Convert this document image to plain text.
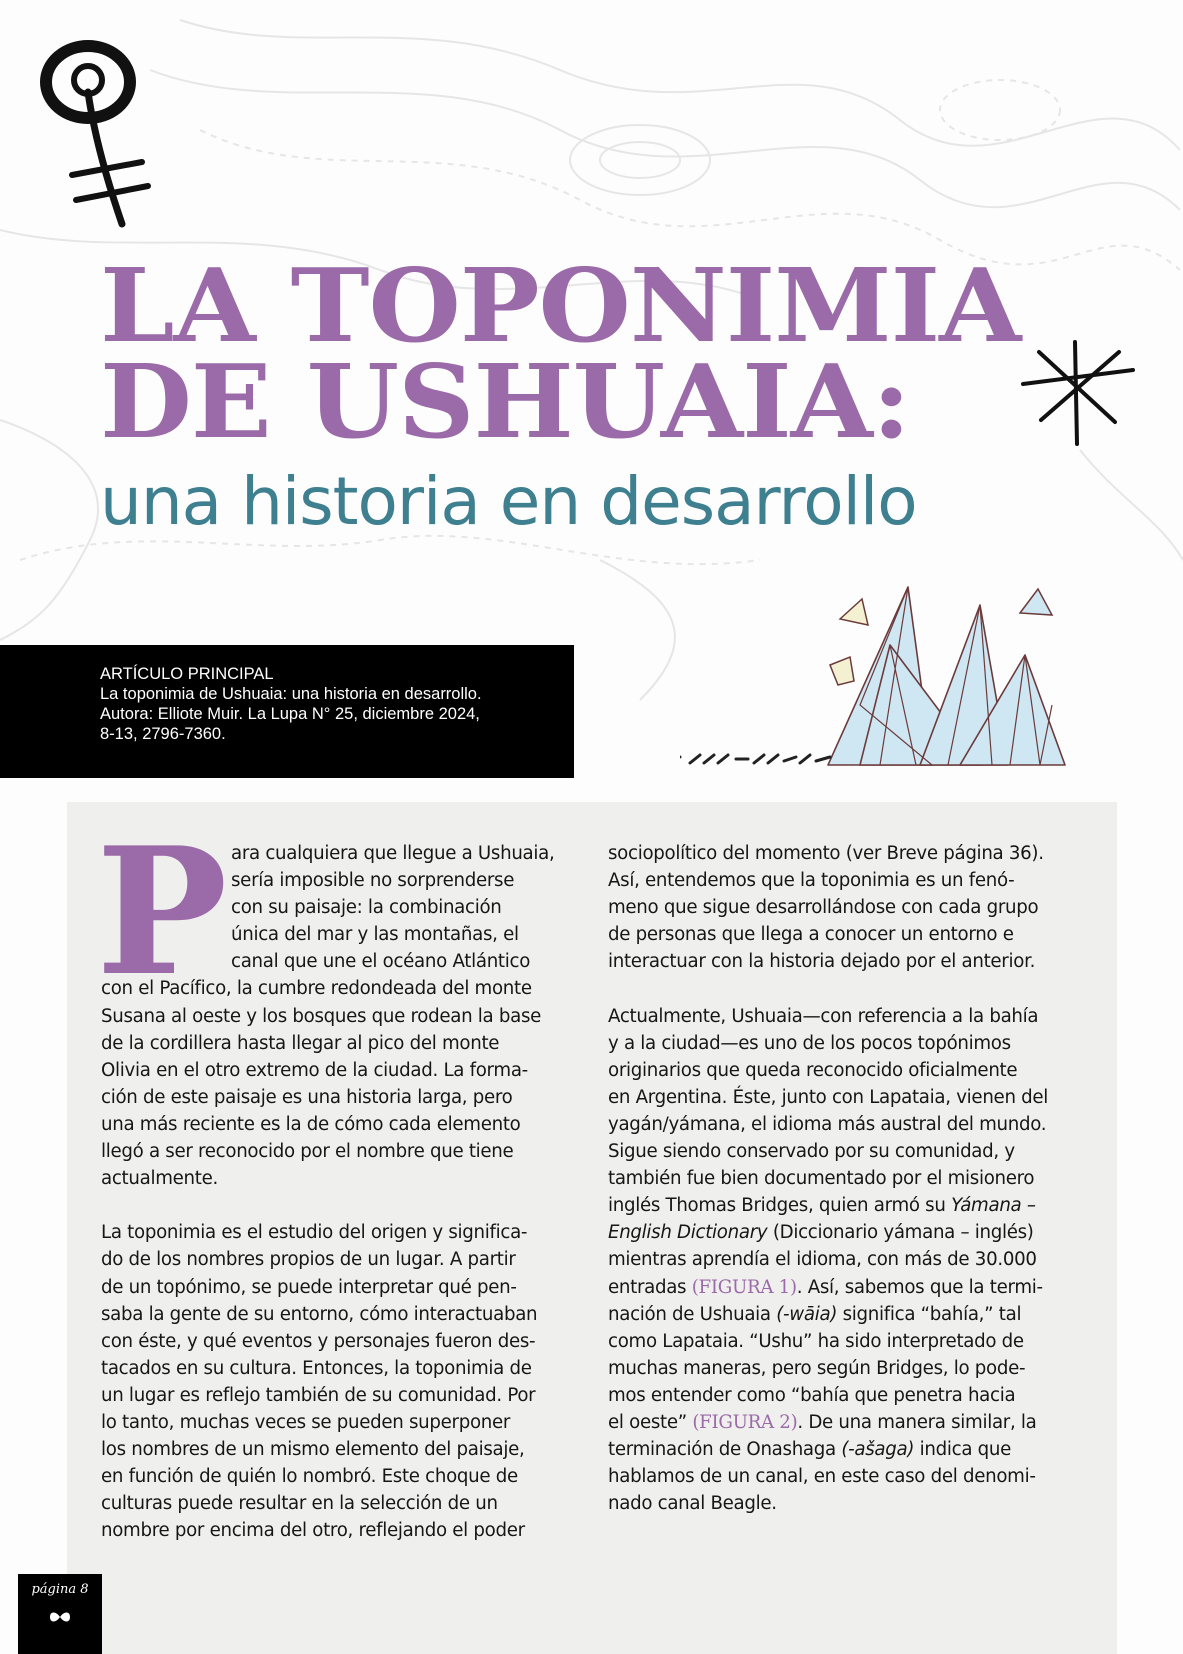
LA TOPONIMIA
DE USHUAIA:
una historia en desarrollo
ARTÍCULO PRINCIPAL
La toponimia de Ushuaia: una historia en desarrollo.
Autora: Elliote Muir. La Lupa N° 25, diciembre 2024,
8-13, 2796-7360.
P ara cualquiera que llegue a Ushuaia,
sería imposible no sorprenderse
con su paisaje: la combinación
única del mar y las montañas, el
canal que une el océano Atlántico
con el Pacífico, la cumbre redondeada del monte
Susana al oeste y los bosques que rodean la base
de la cordillera hasta llegar al pico del monte
Olivia en el otro extremo de la ciudad. La forma-
ción de este paisaje es una historia larga, pero
una más reciente es la de cómo cada elemento
llegó a ser reconocido por el nombre que tiene
actualmente.
La toponimia es el estudio del origen y significa-
do de los nombres propios de un lugar. A partir
de un topónimo, se puede interpretar qué pen-
saba la gente de su entorno, cómo interactuaban
con éste, y qué eventos y personajes fueron des-
tacados en su cultura. Entonces, la toponimia de
un lugar es reflejo también de su comunidad. Por
lo tanto, muchas veces se pueden superponer
los nombres de un mismo elemento del paisaje,
en función de quién lo nombró. Este choque de
culturas puede resultar en la selección de un
nombre por encima del otro, reflejando el poder
sociopolítico del momento (ver Breve página 36).
Así, entendemos que la toponimia es un fenó-
meno que sigue desarrollándose con cada grupo
de personas que llega a conocer un entorno e
interactuar con la historia dejado por el anterior.
Actualmente, Ushuaia—con referencia a la bahía
y a la ciudad—es uno de los pocos topónimos
originarios que queda reconocido oficialmente
en Argentina. Éste, junto con Lapataia, vienen del
yagán/yámana, el idioma más austral del mundo.
Sigue siendo conservado por su comunidad, y
también fue bien documentado por el misionero
inglés Thomas Bridges, quien armó su Yámana –
English Dictionary (Diccionario yámana – inglés)
mientras aprendía el idioma, con más de 30.000
entradas (FIGURA 1). Así, sabemos que la termi-
nación de Ushuaia (-wāia) significa “bahía,” tal
como Lapataia. “Ushu” ha sido interpretado de
muchas maneras, pero según Bridges, lo pode-
mos entender como “bahía que penetra hacia
el oeste” (FIGURA 2). De una manera similar, la
terminación de Onashaga (-ašaga) indica que
hablamos de un canal, en este caso del denomi-
nado canal Beagle.
página 8
